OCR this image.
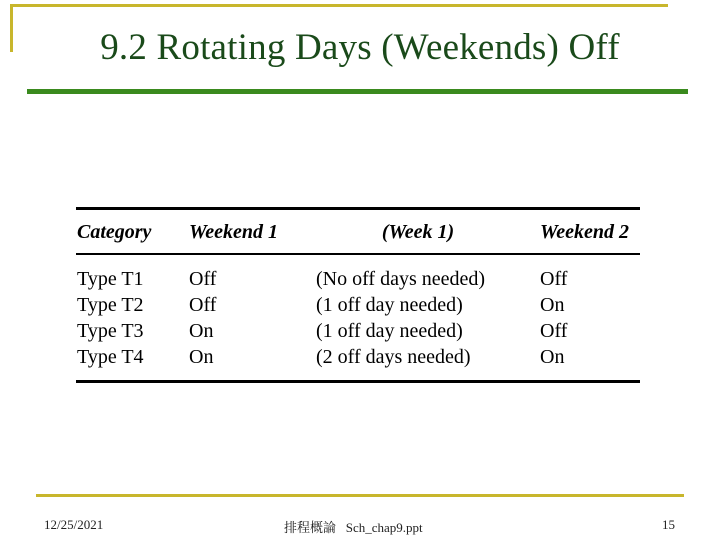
9.2 Rotating Days (Weekends) Off
Category	Weekend 1	(Week 1)	Weekend 2
Type T1	Off	(No off days needed)	Off
Type T2	Off	(1 off day needed)	On
Type T3	On	(1 off day needed)	Off
Type T4	On	(2 off days needed)	On
12/25/2021	排程概論   Sch_chap9.ppt	15
